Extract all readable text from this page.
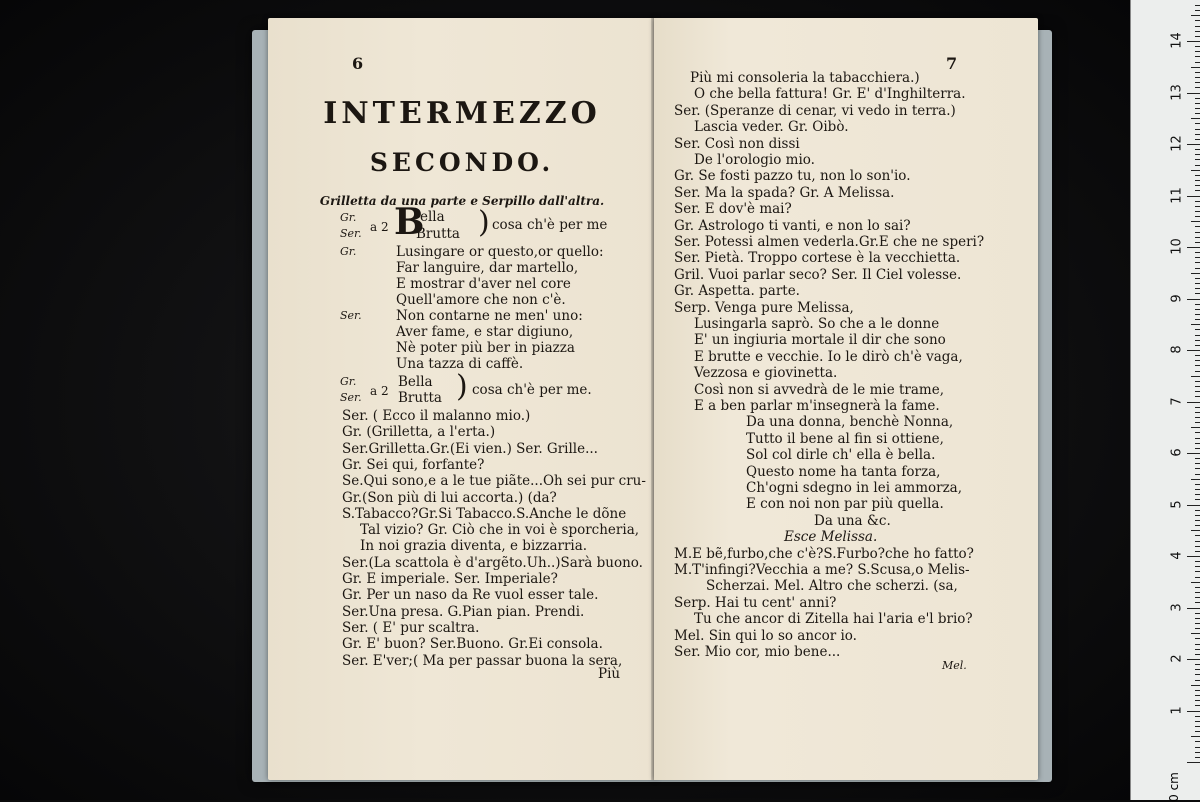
6
INTERMEZZO
SECONDO.
Grilletta da una parte e Serpillo dall'altra.
Gr.
Ser. a 2 B
ella
Brutta ) cosa ch'è per me
Gr.	Lusingare or questo,or quello:
Far languire, dar martello,
E mostrar d'aver nel core
Quell'amore che non c'è.
Ser.	Non contarne ne men' uno:
Aver fame, e star digiuno,
Nè poter più ber in piazza
Una tazza di caffè.
Gr.
Ser. a 2
Bella
Brutta ) cosa ch'è per me.
Ser. ( Ecco il malanno mio.)
Gr. (Grilletta, a l'erta.)
Ser.Grilletta.Gr.(Ei vien.) Ser. Grille...
Gr. Sei qui, forfante?
Se.Qui sono,e a le tue piãte...Oh sei pur cru-
Gr.(Son più di lui accorta.) (da?
S.Tabacco?Gr.Si Tabacco.S.Anche le dõne
Tal vizio? Gr. Ciò che in voi è sporcheria,
In noi grazia diventa, e bizzarria.
Ser.(La scattola è d'argẽto.Uh..)Sarà buono.
Gr. E imperiale. Ser. Imperiale?
Gr. Per un naso da Re vuol esser tale.
Ser.Una presa. G.Pian pian. Prendi.
Ser. ( E' pur scaltra.
Gr. E' buon? Ser.Buono. Gr.Ei consola.
Ser. E'ver;( Ma per passar buona la sera,
Più
7
Più mi consoleria la tabacchiera.)
O che bella fattura! Gr. E' d'Inghilterra.
Ser. (Speranze di cenar, vi vedo in terra.)
Lascia veder. Gr. Oibò.
Ser. Così non dissi
De l'orologio mio.
Gr. Se fosti pazzo tu, non lo son'io.
Ser. Ma la spada? Gr. A Melissa.
Ser. E dov'è mai?
Gr. Astrologo ti vanti, e non lo sai?
Ser. Potessi almen vederla.Gr.E che ne speri?
Ser. Pietà. Troppo cortese è la vecchietta.
Gril. Vuoi parlar seco? Ser. Il Ciel volesse.
Gr. Aspetta. parte.
Serp. Venga pure Melissa,
Lusingarla saprò. So che a le donne
E' un ingiuria mortale il dir che sono
E brutte e vecchie. Io le dirò ch'è vaga,
Vezzosa e giovinetta.
Così non si avvedrà de le mie trame,
E a ben parlar m'insegnerà la fame.
Da una donna, benchè Nonna,
Tutto il bene al fin si ottiene,
Sol col dirle ch' ella è bella.
Questo nome ha tanta forza,
Ch'ogni sdegno in lei ammorza,
E con noi non par più quella.
Da una &c.
Esce Melissa.
M.E bẽ,furbo,che c'è?S.Furbo?che ho fatto?
M.T'infingi?Vecchia a me? S.Scusa,o Melis-
Scherzai. Mel. Altro che scherzi. (sa,
Serp. Hai tu cent' anni?
Tu che ancor di Zitella hai l'aria e'l brio?
Mel. Sin qui lo so ancor io.
Ser. Mio cor, mio bene...
Mel.
14
13
12
11
10
9
8
7
6
5
4
3
2
1
0 cm
